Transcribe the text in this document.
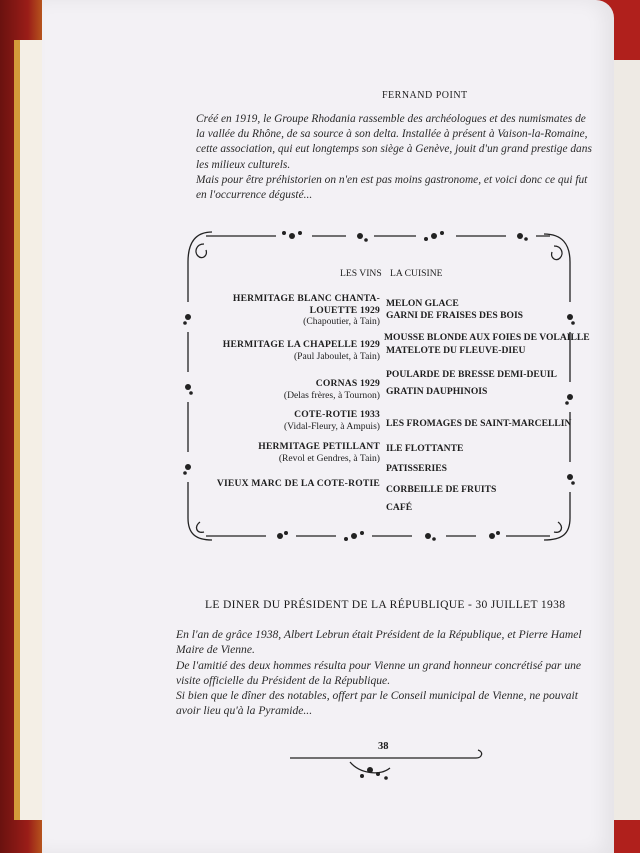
FERNAND POINT

Créé en 1919, le Groupe Rhodania rassemble des archéologues et des numismates de

la vallée du Rhône, de sa source à son delta. Installée à présent à Vaison-la-Romaine,

cette association, qui eut longtemps son siège à Genève, jouit d'un grand prestige dans

les milieux culturels.

Mais pour être préhistorien on n'en est pas moins gastronome, et voici donc ce qui fut

en l'occurrence dégusté...

LES VINS LA CUISINE
HERMITAGE BLANC CHANTA-
LOUETTE 1929
(Chapoutier, à Tain)
HERMITAGE LA CHAPELLE 1929
(Paul Jaboulet, à Tain)
CORNAS 1929
(Delas frères, à Tournon)
COTE-ROTIE 1933
(Vidal-Fleury, à Ampuis)
HERMITAGE PETILLANT
(Revol et Gendres, à Tain)
VIEUX MARC DE LA COTE-ROTIE
MELON GLACE
GARNI DE FRAISES DES BOIS
MOUSSE BLONDE AUX FOIES DE VOLAILLE
MATELOTE DU FLEUVE-DIEU
POULARDE DE BRESSE DEMI-DEUIL
GRATIN DAUPHINOIS
LES FROMAGES DE SAINT-MARCELLIN
ILE FLOTTANTE
PATISSERIES
CORBEILLE DE FRUITS
CAFÉ
LE DINER DU PRÉSIDENT DE LA RÉPUBLIQUE - 30 JUILLET 1938

En l'an de grâce 1938, Albert Lebrun était Président de la République, et Pierre Hamel

Maire de Vienne.

De l'amitié des deux hommes résulta pour Vienne un grand honneur concrétisé par une

visite officielle du Président de la République.

Si bien que le dîner des notables, offert par le Conseil municipal de Vienne, ne pouvait

avoir lieu qu'à la Pyramide...

38
